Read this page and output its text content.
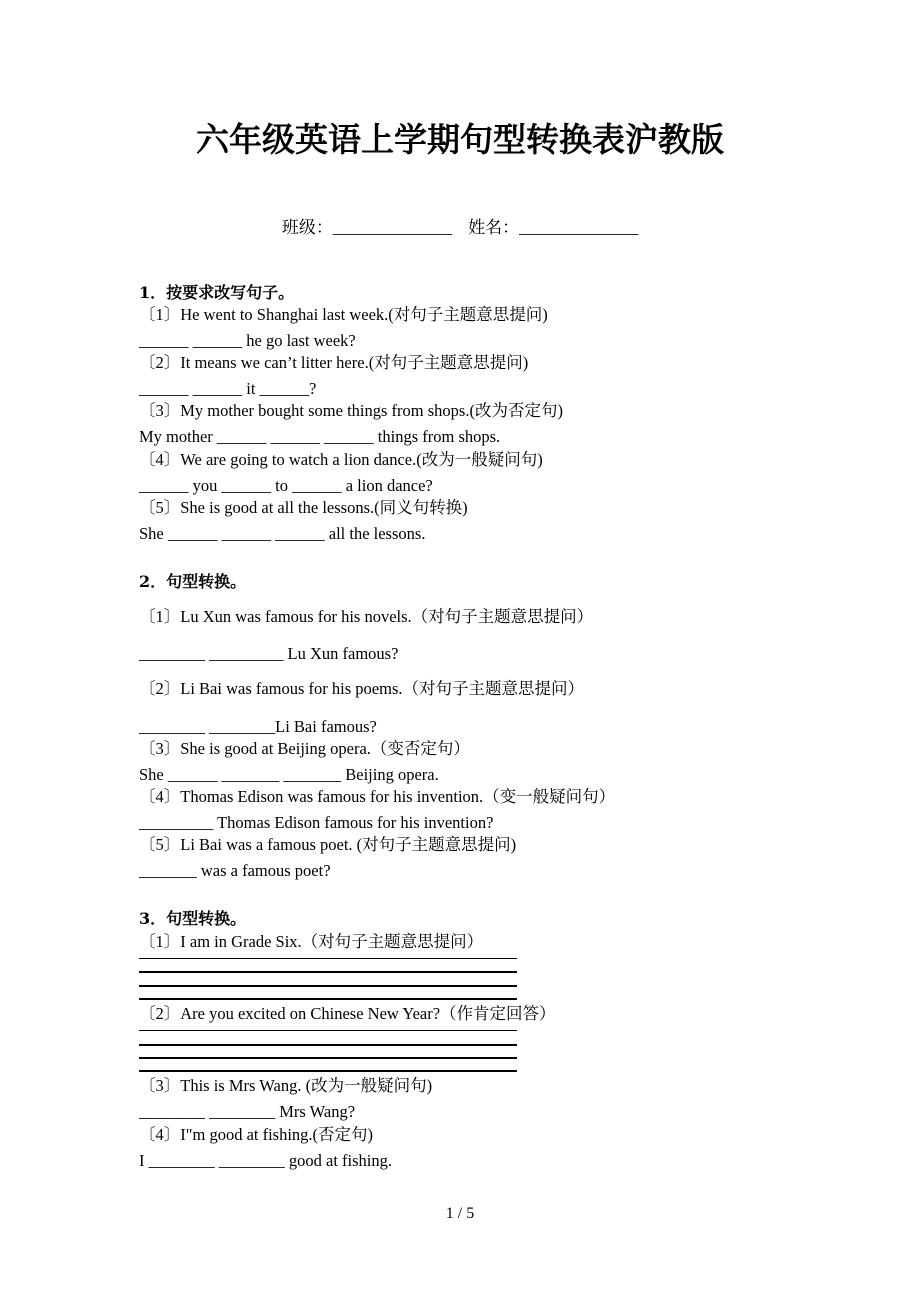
六年级英语上学期句型转换表沪教版
班级：______________ 姓名：______________
1．按要求改写句子。
〔1〕He went to Shanghai last week.(对句子主题意思提问)
______ ______ he go last week?
〔2〕It means we can’t litter here.(对句子主题意思提问)
______ ______ it ______?
〔3〕My mother bought some things from shops.(改为否定句)
My mother ______ ______ ______ things from shops.
〔4〕We are going to watch a lion dance.(改为一般疑问句)
______ you ______ to ______ a lion dance?
〔5〕She is good at all the lessons.(同义句转换)
She ______ ______ ______ all the lessons.
2．句型转换。
〔1〕Lu Xun was famous for his novels.（对句子主题意思提问）
________ _________ Lu Xun famous?
〔2〕Li Bai was famous for his poems.（对句子主题意思提问）
________ ________Li Bai famous?
〔3〕She is good at Beijing opera.（变否定句）
She ______ _______ _______ Beijing opera.
〔4〕Thomas Edison was famous for his invention.（变一般疑问句）
_________ Thomas Edison famous for his invention?
〔5〕Li Bai was a famous poet. (对句子主题意思提问)
_______ was a famous poet?
3．句型转换。
〔1〕I am in Grade Six.（对句子主题意思提问）
〔2〕Are you excited on Chinese New Year?（作肯定回答）
〔3〕This is Mrs Wang. (改为一般疑问句)
________ ________ Mrs Wang?
〔4〕I"m good at fishing.(否定句)
I ________ ________ good at fishing.
1 / 5
